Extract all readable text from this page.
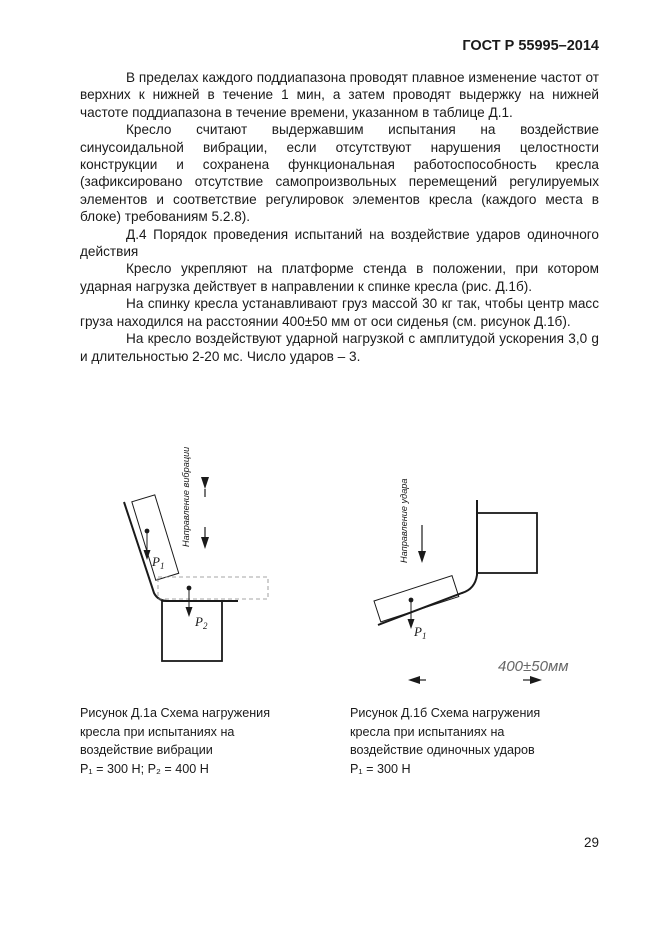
ГОСТ Р 55995–2014

В пределах каждого поддиапазона проводят плавное изменение частот от верхних к нижней в течение 1 мин, а затем проводят выдержку на нижней частоте поддиапазона в течение времени, указанном в таблице Д.1.

Кресло считают выдержавшим испытания на воздействие синусоидальной вибрации, если отсутствуют нарушения целостности конструкции и сохранена функциональная работоспособность кресла (зафиксировано отсутствие самопроизвольных перемещений регулируемых элементов и соответствие регулировок элементов кресла (каждого места в блоке) требованиям 5.2.8).

Д.4 Порядок проведения испытаний на воздействие ударов одиночного действия

Кресло укрепляют на платформе стенда в положении, при котором ударная нагрузка действует в направлении к спинке кресла (рис. Д.1б).

На спинку кресла устанавливают груз массой 30 кг так, чтобы центр масс груза находился на расстоянии 400±50 мм от оси сиденья (см. рисунок Д.1б).

На кресло воздействуют ударной нагрузкой с амплитудой ускорения 3,0 g и длительностью 2-20 мс. Число ударов – 3.

$P_1$
$P_2$
Направление вибрации
$P_1$
Направление удара
400±50мм
Рисунок Д.1а Схема нагружения
кресла при испытаниях на
воздействие вибрации
P₁ = 300 Н; P₂ = 400 Н
Рисунок Д.1б Схема нагружения
кресла при испытаниях на
воздействие одиночных ударов
P₁ = 300 Н
29
